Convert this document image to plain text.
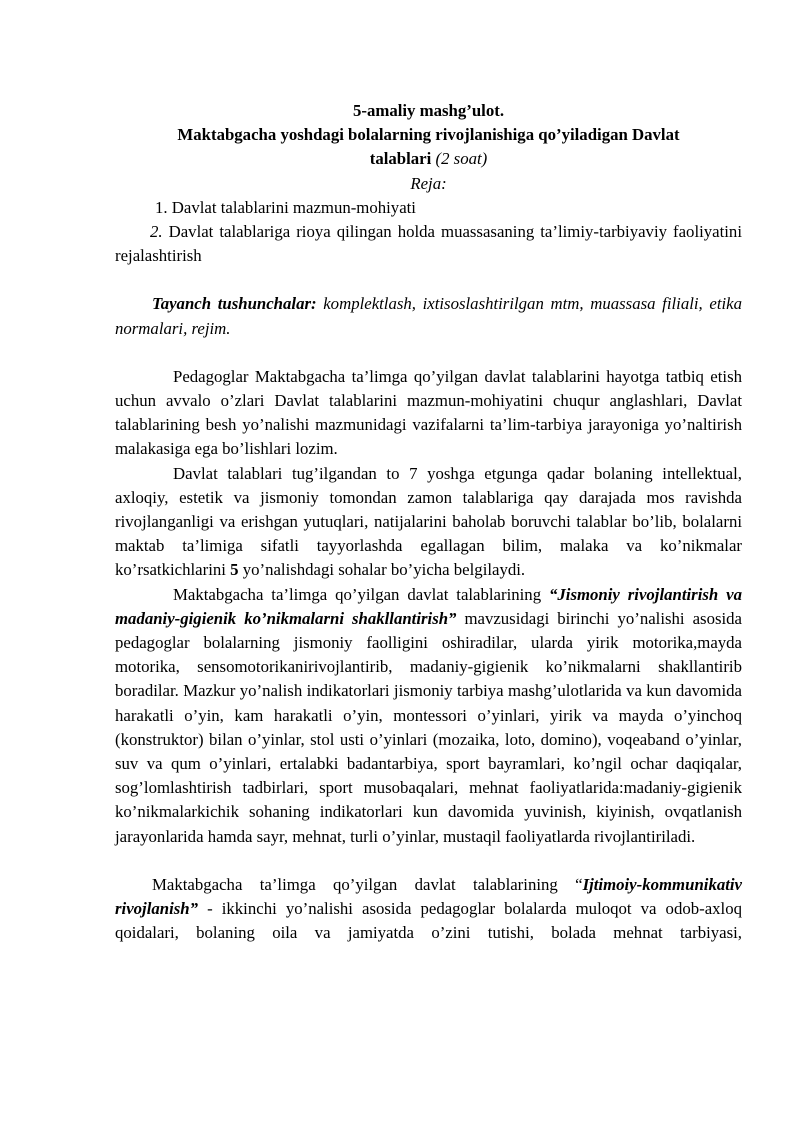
5-amaliy mashg’ulot.
Maktabgacha yoshdagi bolalarning rivojlanishiga qo’yiladigan Davlat
talablari (2 soat)
Reja:

1. Davlat talablarini mazmun-mohiyati

2. Davlat talablariga rioya qilingan holda muassasaning ta’limiy-tarbiyaviy faoliyatini rejalashtirish

Tayanch tushunchalar: komplektlash, ixtisoslashtirilgan mtm, muassasa filiali, etika normalari, rejim.

Pedagoglar Maktabgacha ta’limga qo’yilgan davlat talablarini hayotga tatbiq etish uchun avvalo o’zlari Davlat talablarini mazmun-mohiyatini chuqur anglashlari, Davlat talablarining besh yo’nalishi mazmunidagi vazifalarni ta’lim-tarbiya jarayoniga yo’naltirish malakasiga ega bo’lishlari lozim.

Davlat talablari tug’ilgandan to 7 yoshga etgunga qadar bolaning intellektual, axloqiy, estetik va jismoniy tomondan zamon talablariga qay darajada mos ravishda rivojlanganligi va erishgan yutuqlari, natijalarini baholab boruvchi talablar bo’lib, bolalarni maktab ta’limiga sifatli tayyorlashda egallagan bilim, malaka va ko’nikmalar ko’rsatkichlarini 5 yo’nalishdagi sohalar bo’yicha belgilaydi.

Maktabgacha ta’limga qo’yilgan davlat talablarining “Jismoniy rivojlantirish va madaniy-gigienik ko’nikmalarni shakllantirish” mavzusidagi birinchi yo’nalishi asosida pedagoglar bolalarning jismoniy faolligini oshiradilar, ularda yirik motorika,mayda motorika, sensomotorikanirivojlantirib, madaniy-gigienik ko’nikmalarni shakllantirib boradilar. Mazkur yo’nalish indikatorlari jismoniy tarbiya mashg’ulotlarida va kun davomida harakatli o’yin, kam harakatli o’yin, montessori o’yinlari, yirik va mayda o’yinchoq (konstruktor) bilan o’yinlar, stol usti o’yinlari (mozaika, loto, domino), voqeaband o’yinlar, suv va qum o’yinlari, ertalabki badantarbiya, sport bayramlari, ko’ngil ochar daqiqalar, sog’lomlashtirish tadbirlari, sport musobaqalari, mehnat faoliyatlarida:madaniy-gigienik ko’nikmalarkichik sohaning indikatorlari kun davomida yuvinish, kiyinish, ovqatlanish jarayonlarida hamda sayr, mehnat, turli o’yinlar, mustaqil faoliyatlarda rivojlantiriladi.

Maktabgacha ta’limga qo’yilgan davlat talablarining “Ijtimoiy-kommunikativ rivojlanish” - ikkinchi yo’nalishi asosida pedagoglar bolalarda muloqot va odob-axloq qoidalari, bolaning oila va jamiyatda o’zini tutishi, bolada mehnat tarbiyasi,
